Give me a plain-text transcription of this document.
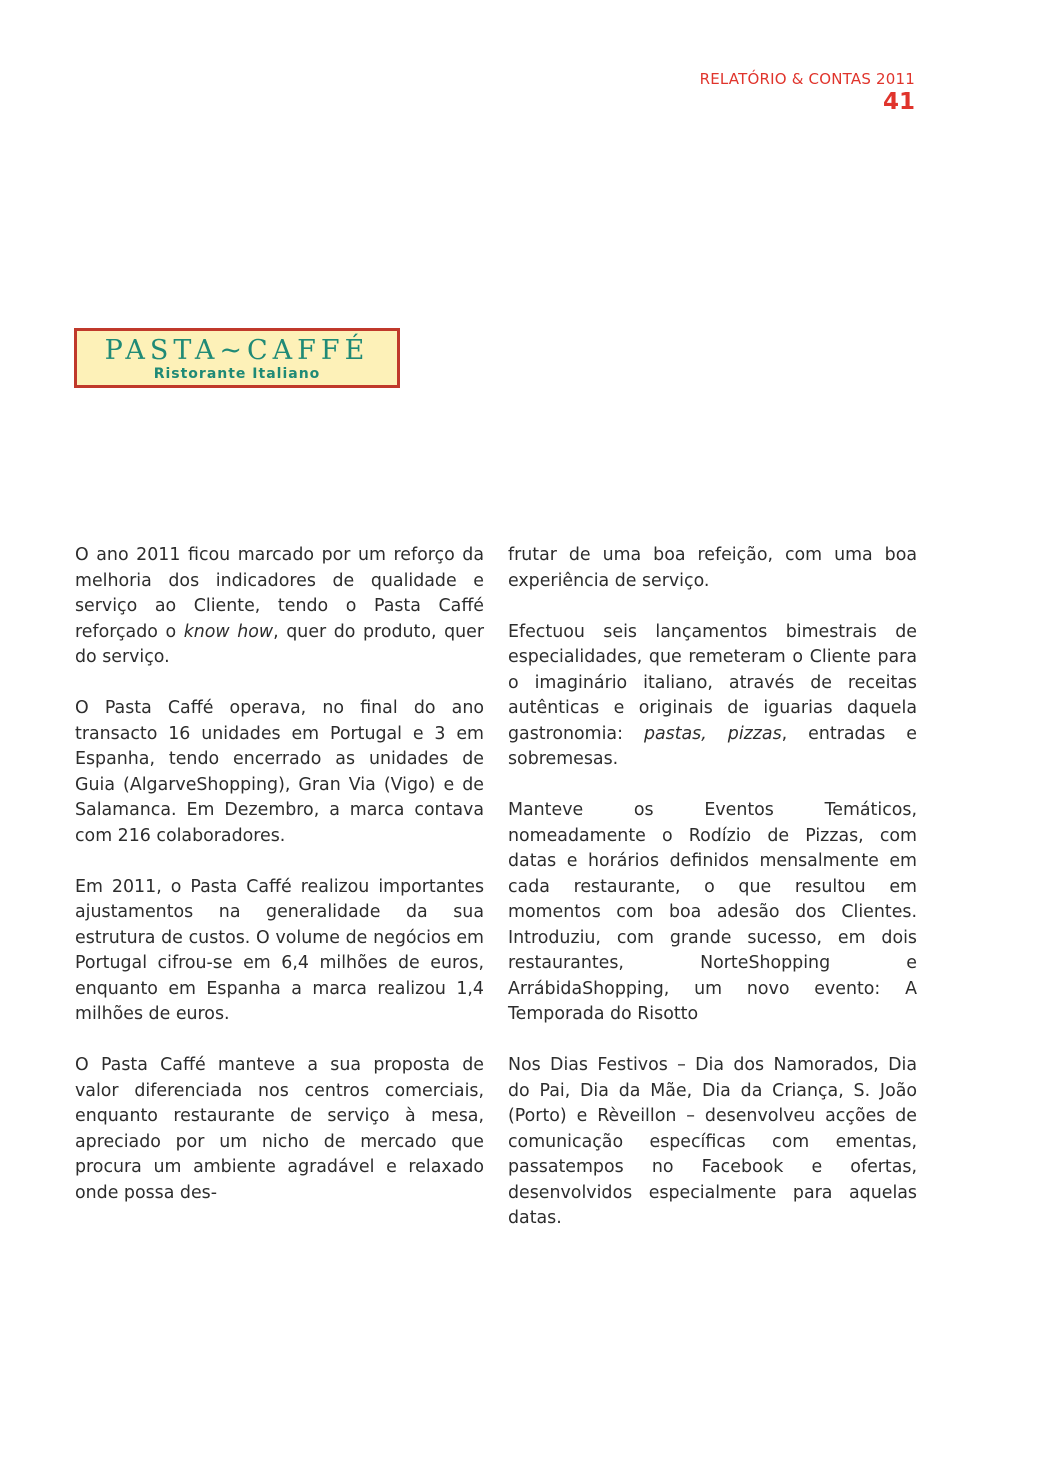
RELATÓRIO & CONTAS 2011
41
PASTA~CAFFÉ
Ristorante Italiano

O ano 2011 ficou marcado por um reforço da melhoria dos indicadores de qualidade e serviço ao Cliente, tendo o Pasta Caffé reforçado o know how, quer do produto, quer do serviço.

O Pasta Caffé operava, no final do ano transacto 16 unidades em Portugal e 3 em Espanha, tendo encerrado as unidades de Guia (AlgarveShopping), Gran Via (Vigo) e de Salamanca. Em Dezembro, a marca contava com 216 colaboradores.

Em 2011, o Pasta Caffé realizou importantes ajustamentos na generalidade da sua estrutura de custos. O volume de negócios em Portugal cifrou-se em 6,4 milhões de euros, enquanto em Espanha a marca realizou 1,4 milhões de euros.

O Pasta Caffé manteve a sua proposta de valor diferenciada nos centros comerciais, enquanto restaurante de serviço à mesa, apreciado por um nicho de mercado que procura um ambiente agradável e relaxado onde possa des-

frutar de uma boa refeição, com uma boa experiência de serviço.

Efectuou seis lançamentos bimestrais de especialidades, que remeteram o Cliente para o imaginário italiano, através de receitas autênticas e originais de iguarias daquela gastronomia: pastas, pizzas, entradas e sobremesas.

Manteve os Eventos Temáticos, nomeadamente o Rodízio de Pizzas, com datas e horários definidos mensalmente em cada restaurante, o que resultou em momentos com boa adesão dos Clientes. Introduziu, com grande sucesso, em dois restaurantes, NorteShopping e ArrábidaShopping, um novo evento: A Temporada do Risotto

Nos Dias Festivos – Dia dos Namorados, Dia do Pai, Dia da Mãe, Dia da Criança, S. João (Porto) e Rèveillon – desenvolveu acções de comunicação específicas com ementas, passatempos no Facebook e ofertas, desenvolvidos especialmente para aquelas datas.
